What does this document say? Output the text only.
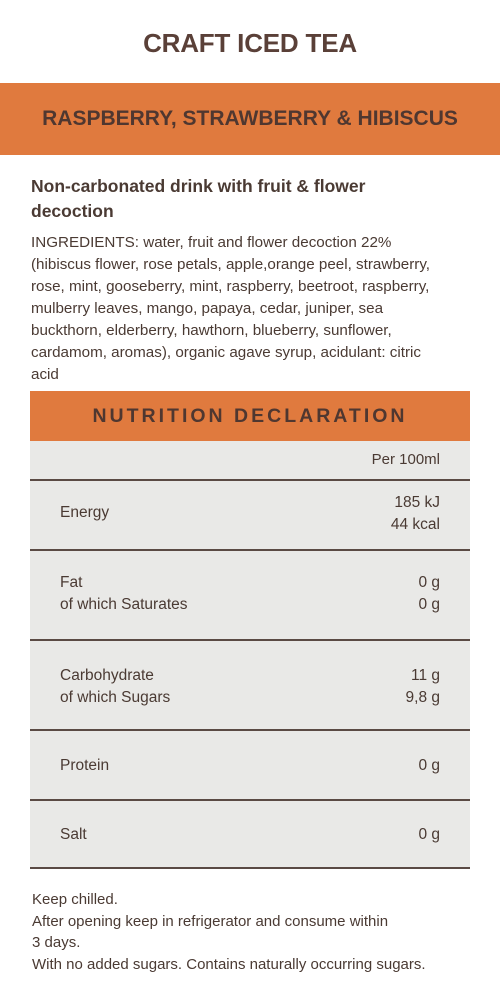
CRAFT ICED TEA
RASPBERRY, STRAWBERRY & HIBISCUS
Non-carbonated drink with fruit & flower decoction
INGREDIENTS: water, fruit and flower decoction 22% (hibiscus flower, rose petals, apple,orange peel, strawberry, rose, mint, gooseberry, mint, raspberry, beetroot, raspberry, mulberry leaves, mango, papaya, cedar, juniper, sea buckthorn, elderberry, hawthorn, blueberry, sunflower, cardamom, aromas), organic agave syrup, acidulant: citric acid
NUTRITION DECLARATION
Per 100ml
Energy
185 kJ
44 kcal
Fat
of which Saturates
0 g
0 g
Carbohydrate
of which Sugars
11 g
9,8 g
Protein	0 g
Salt	0 g
Keep chilled.
After opening keep in refrigerator and consume within
3 days.
With no added sugars. Contains naturally occurring sugars.
